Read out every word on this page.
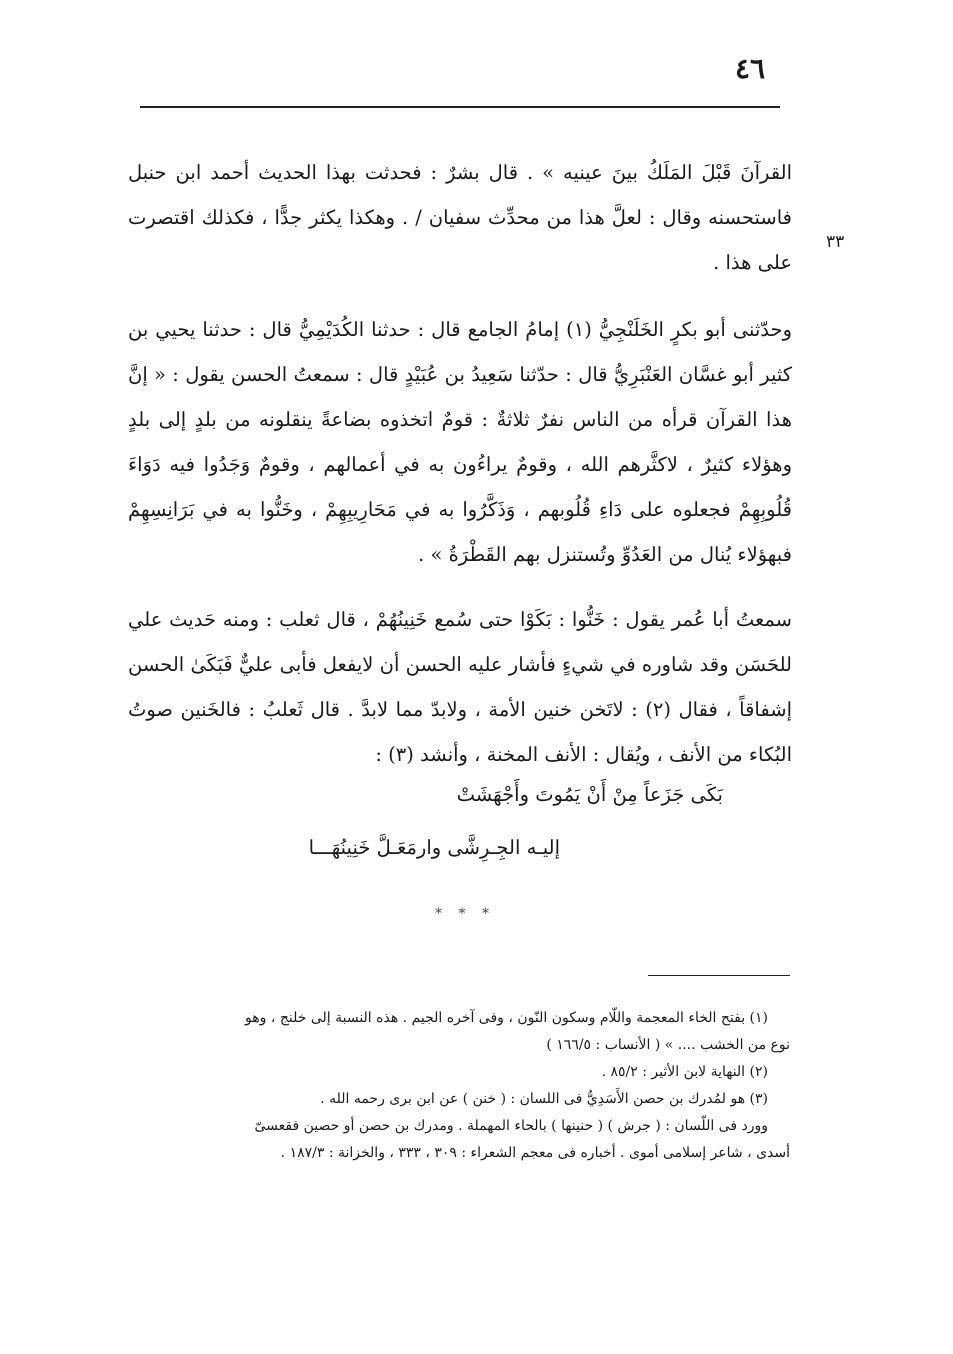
٤٦
٣٣

القرآنَ قَبْلَ المَلَكُ بينَ عينيه » . قال بشرٌ : فحدثت بهذا الحديث أحمد ابن حنبل فاستحسنه وقال : لعلَّ هذا من محدِّث سفيان / . وهكذا يكثر جدًّا ، فكذلك اقتصرت على هذا .

وحدّثنى أبو بكرٍ الخَلَنْجِيُّ (١) إمامُ الجامع قال : حدثنا الكُدَيْمِيُّ قال : حدثنا يحيي بن كثير أبو غسَّان العَنْبَرِيُّ قال : حدّثنا سَعِيدُ بن عُبَيْدٍ قال : سمعتُ الحسن يقول : « إنَّ هذا القرآن قرأه من الناس نفرٌ ثلاثةٌ : قومٌ اتخذوه بضاعةً ينقلونه من بلدٍ إلى بلدٍ وهؤلاء كثيرٌ ، لاكثَّرهم الله ، وقومٌ يراءُون به في أعمالهم ، وقومٌ وَجَدُوا فيه دَوَاءَ قُلُوبِهِمْ فجعلوه على دَاءِ قُلُوبهم ، وَذَكَّرُوا به في مَحَارِيبِهِمْ ، وخَنُّوا به في بَرَانِسِهِمْ فبهؤلاء يُنال من العَدُوِّ وتُستنزل بهم القَطْرَةُ » .

سمعتُ أبا عُمر يقول : خَنُّوا : بَكَوْا حتى سُمع خَنِينُهُمْ ، قال ثعلب : ومنه حَديث علي للحَسَن وقد شاوره في شيءٍ فأشار عليه الحسن أن لايفعل فأبى عليٌّ فَبَكَىٰ الحسن إشفاقاً ، فقال (٢) : لاتَخن خنين الأمة ، ولابدّ مما لابدَّ . قال ثَعلبُ : فالخَنين صوتُ البُكاء من الأنف ، ويُقال : الأنف المخنة ، وأنشد (٣) :

بَكَى جَزَعاً مِنْ أَنْ يَمُوتَ وأَجْهَشَتْ
إليـه الجِـرِشَّى وارمَعَـلَّ خَنِينُهَـــا
* * *

(١) بفتح الخاء المعجمة واللّام وسكون النّون ، وفى آخره الجيم . هذه النسبة إلى خلنج ، وهو

نوع من الخشب .... » ( الأنساب : ١٦٦/٥ )

(٢) النهاية لابن الأثير : ٨٥/٢ .

(٣) هو لمُدرك بن حصن الأَسَدِيُّ فى اللسان : ( خنن ) عن ابن برى رحمه الله .

وورد فى اللّسان : ( جرش ) ( حنينها ) بالحاء المهملة . ومدرك بن حصن أو حصين فقعسىّ

أسدى ، شاعر إسلامى أموى . أخباره فى معجم الشعراء : ٣٠٩ ، ٣٣٣ ، والخزانة : ١٨٧/٣ .
